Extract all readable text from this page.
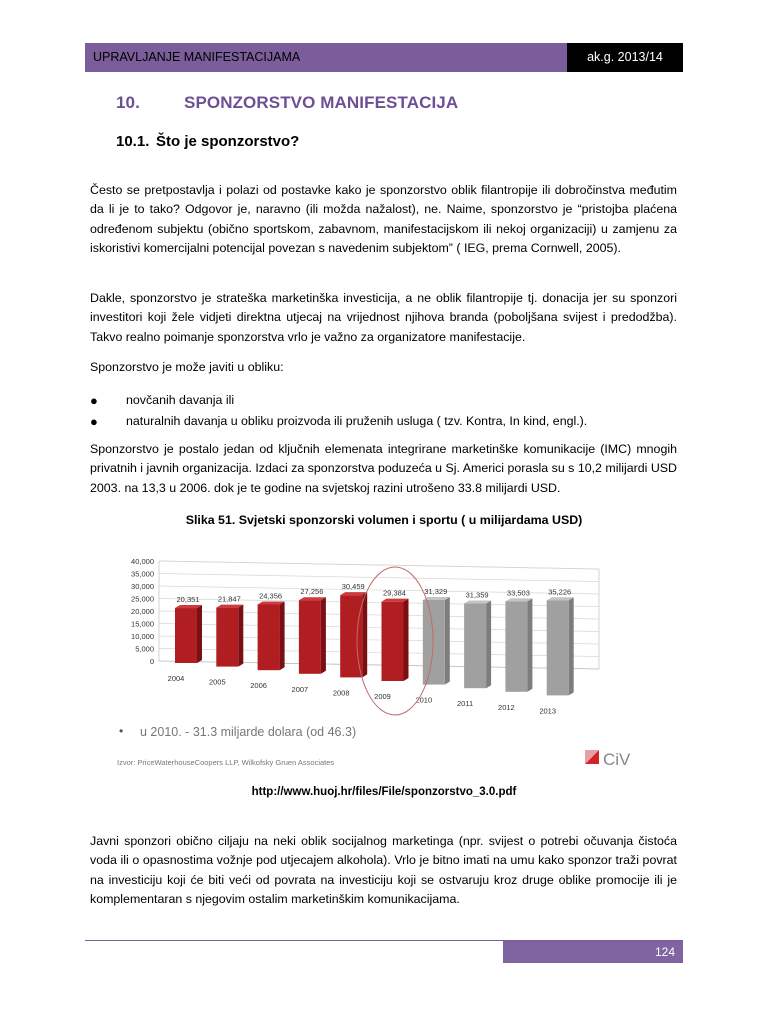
UPRAVLJANJE MANIFESTACIJAMA	ak.g. 2013/14
10.	SPONZORSTVO MANIFESTACIJA
10.1. Što je sponzorstvo?
Često se pretpostavlja i polazi od postavke kako je sponzorstvo oblik filantropije ili dobročinstva međutim da li je to tako? Odgovor je, naravno (ili možda nažalost), ne. Naime, sponzorstvo je “pristojba plaćena određenom subjektu (obično sportskom, zabavnom, manifestacijskom ili nekoj organizaciji) u zamjenu za iskoristivi komercijalni potencijal povezan s navedenim subjektom” ( IEG, prema Cornwell, 2005).
Dakle, sponzorstvo je strateška marketinška investicija, a ne oblik filantropije tj. donacija jer su sponzori investitori koji žele vidjeti direktna utjecaj na vrijednost njihova branda (poboljšana svijest i predodžba). Takvo realno poimanje sponzorstva vrlo je važno za organizatore manifestacije.
Sponzorstvo je može javiti u obliku:
●	novčanih davanja ili
●	naturalnih davanja u obliku proizvoda ili pruženih usluga ( tzv. Kontra, In kind, engl.).
Sponzorstvo je postalo jedan od ključnih elemenata integrirane marketinške komunikacije (IMC) mnogih privatnih i javnih organizacija. Izdaci za sponzorstva poduzeća u Sj. Americi porasla su s 10,2 milijardi USD 2003. na 13,3 u 2006. dok je te godine na svjetskoj razini utrošeno 33.8 milijardi USD.
Slika 51. Svjetski sponzorski volumen i sportu ( u milijardama USD)
40,000
35,000
30,000
25,000
20,000
15,000
10,000
5,000
0
20,351 21,847 24,356 27,256
30,459
29,384 31,329 31,359 33,503 35,226
2004	2005	2006	2007	2008	2009	2010	2011	2012	2013
• u 2010. - 31.3 miljarde dolara (od 46.3)
Izvor: PriceWaterhouseCoopers LLP, Wilkofsky Gruen Associates	CiV
http://www.huoj.hr/files/File/sponzorstvo_3.0.pdf
Javni sponzori obično ciljaju na neki oblik socijalnog marketinga (npr. svijest o potrebi očuvanja čistoća voda ili o opasnostima vožnje pod utjecajem alkohola). Vrlo je bitno imati na umu kako sponzor traži povrat na investiciju koji će biti veći od povrata na investiciju koji se ostvaruju kroz druge oblike promocije ili je komplementaran s njegovim ostalim marketinškim komunikacijama.
124
